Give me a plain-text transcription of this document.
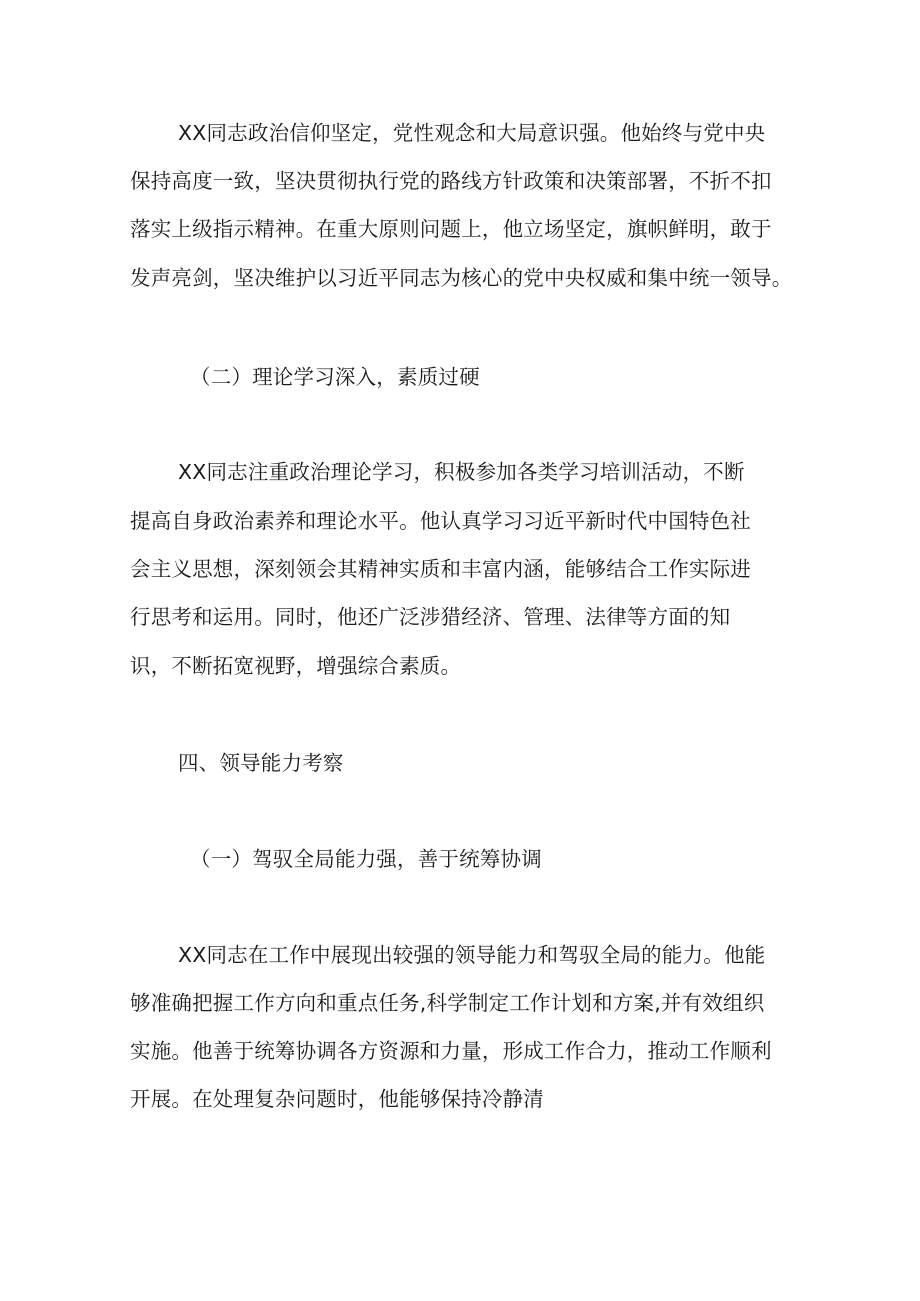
XX同志政治信仰坚定，党性观念和大局意识强。他始终与党中央
保持高度一致，坚决贯彻执行党的路线方针政策和决策部署，不折不扣
落实上级指示精神。在重大原则问题上，他立场坚定，旗帜鲜明，敢于
发声亮剑，坚决维护以习近平同志为核心的党中央权威和集中统一领导。
（二）理论学习深入，素质过硬
XX同志注重政治理论学习，积极参加各类学习培训活动，不断
提高自身政治素养和理论水平。他认真学习习近平新时代中国特色社
会主义思想，深刻领会其精神实质和丰富内涵，能够结合工作实际进
行思考和运用。同时，他还广泛涉猎经济、管理、法律等方面的知
识，不断拓宽视野，增强综合素质。
四、领导能力考察
（一）驾驭全局能力强，善于统筹协调
XX同志在工作中展现出较强的领导能力和驾驭全局的能力。他能
够准确把握工作方向和重点任务,科学制定工作计划和方案,并有效组织
实施。他善于统筹协调各方资源和力量，形成工作合力，推动工作顺利
开展。在处理复杂问题时，他能够保持冷静清
